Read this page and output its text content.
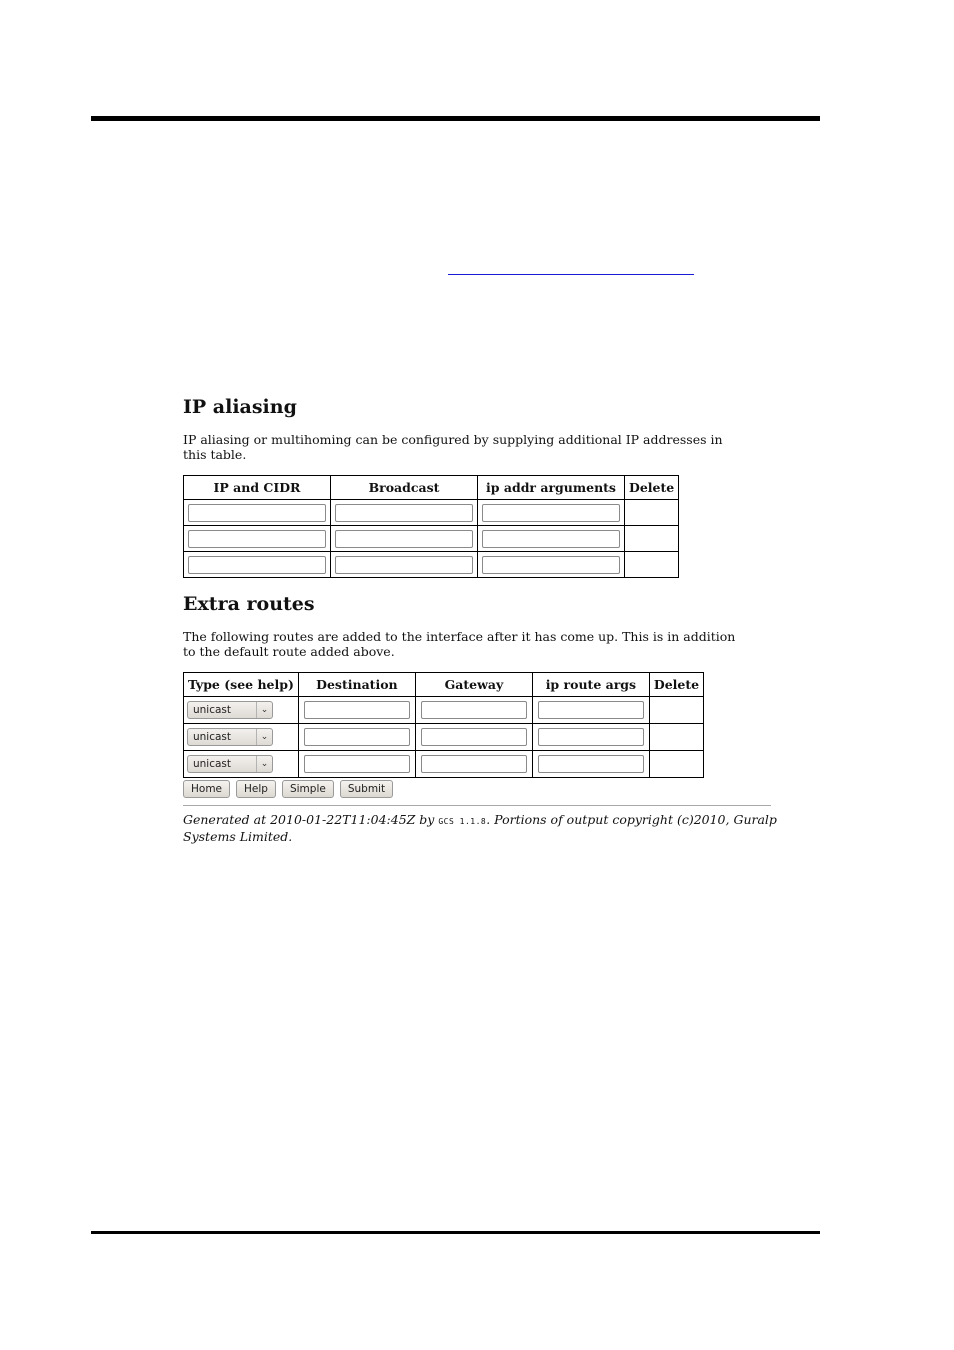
IP aliasing

IP aliasing or multihoming can be configured by supplying additional IP addresses in this table.

IP and CIDR	Broadcast	ip addr arguments	Delete

Extra routes

The following routes are added to the interface after it has come up. This is in addition to the default route added above.

Type (see help)	Destination	Gateway	ip route args	Delete

unicast ⌄

unicast ⌄

unicast ⌄

Home	Help	Simple	Submit
Generated at 2010-01-22T11:04:45Z by GCS 1.1.8. Portions of output copyright (c)2010, Guralp Systems Limited.
